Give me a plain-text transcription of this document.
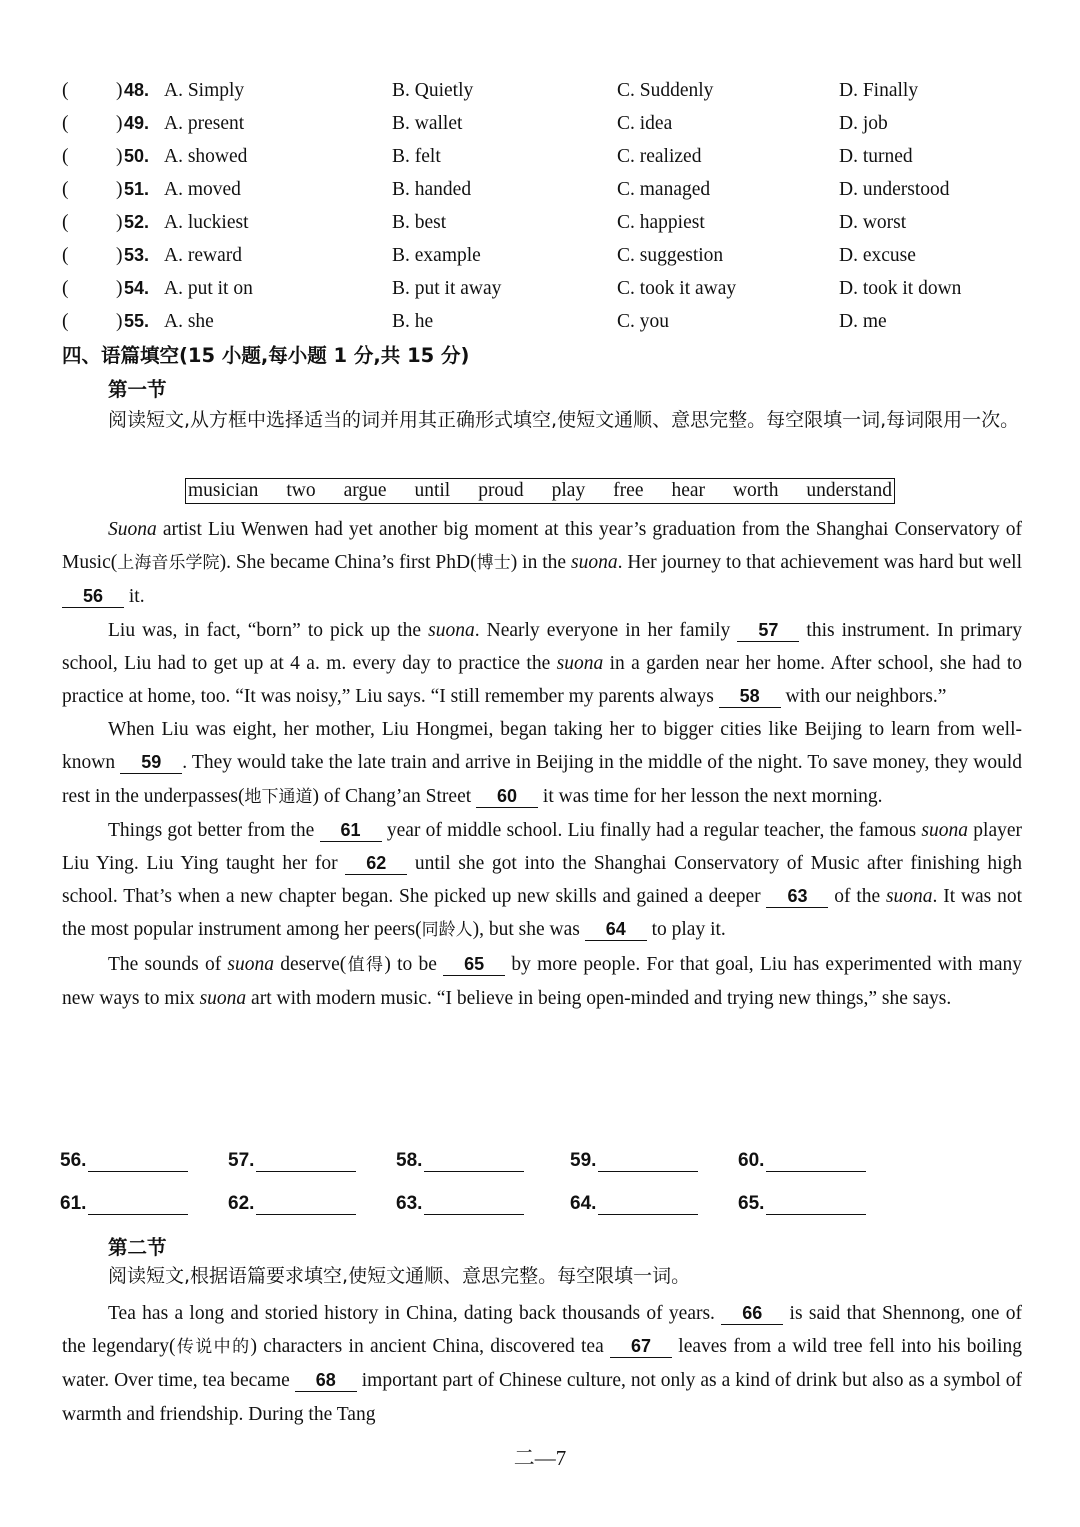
( ) 48. A. Simply	B. Quietly	C. Suddenly	D. Finally
( ) 49. A. present	B. wallet	C. idea	D. job
( ) 50. A. showed	B. felt	C. realized	D. turned
( ) 51. A. moved	B. handed	C. managed	D. understood
( ) 52. A. luckiest	B. best	C. happiest	D. worst
( ) 53. A. reward	B. example	C. suggestion	D. excuse
( ) 54. A. put it on	B. put it away	C. took it away	D. took it down
( ) 55. A. she	B. he	C. you	D. me
四、语篇填空(15 小题,每小题 1 分,共 15 分)
第一节
阅读短文,从方框中选择适当的词并用其正确形式填空,使短文通顺、意思完整。每空限填一词,每词限用一次。
musician two argue until proud play free hear worth understand

Suona artist Liu Wenwen had yet another big moment at this year’s graduation from the Shanghai Conservatory of Music(上海音乐学院). She became China’s first PhD(博士) in the suona. Her journey to that achievement was hard but well 56 it.

Liu was, in fact, “born” to pick up the suona. Nearly everyone in her family 57 this instrument. In primary school, Liu had to get up at 4 a. m. every day to practice the suona in a garden near her home. After school, she had to practice at home, too. “It was noisy,” Liu says. “I still remember my parents always 58 with our neighbors.”

When Liu was eight, her mother, Liu Hongmei, began taking her to bigger cities like Beijing to learn from well-known 59 . They would take the late train and arrive in Beijing in the middle of the night. To save money, they would rest in the underpasses(地下通道) of Chang’an Street 60 it was time for her lesson the next morning.

Things got better from the 61 year of middle school. Liu finally had a regular teacher, the famous suona player Liu Ying. Liu Ying taught her for 62 until she got into the Shanghai Conservatory of Music after finishing high school. That’s when a new chapter began. She picked up new skills and gained a deeper 63 of the suona. It was not the most popular instrument among her peers(同龄人), but she was 64 to play it.

The sounds of suona deserve(值得) to be 65 by more people. For that goal, Liu has experimented with many new ways to mix suona art with modern music. “I believe in being open-minded and trying new things,” she says.

56.	57.	58.	59.	60.
61.	62.	63.	64.	65.
第二节
阅读短文,根据语篇要求填空,使短文通顺、意思完整。每空限填一词。

Tea has a long and storied history in China, dating back thousands of years. 66 is said that Shennong, one of the legendary(传说中的) characters in ancient China, discovered tea 67 leaves from a wild tree fell into his boiling water. Over time, tea became 68 important part of Chinese culture, not only as a kind of drink but also as a symbol of warmth and friendship. During the Tang

二—7
